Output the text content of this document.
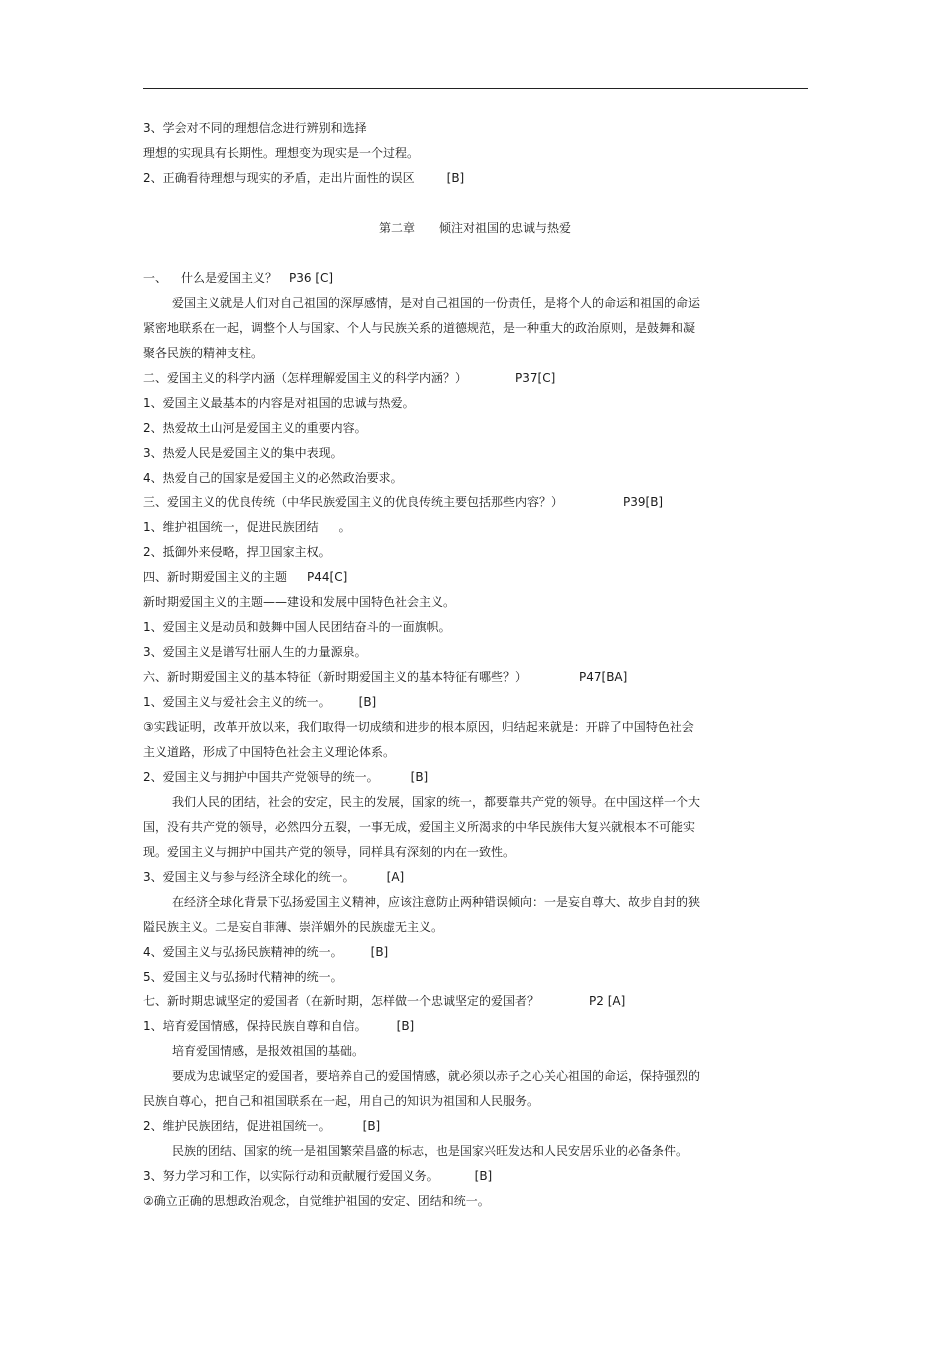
3、学会对不同的理想信念进行辨别和选择
理想的实现具有长期性。理想变为现实是一个过程。
2、正确看待理想与现实的矛盾，走出片面性的误区	[B]
第二章 倾注对祖国的忠诚与热爱
一、 什么是爱国主义？ P36 [C]
爱国主义就是人们对自己祖国的深厚感情，是对自己祖国的一份责任，是将个人的命运和祖国的命运
紧密地联系在一起，调整个人与国家、个人与民族关系的道德规范，是一种重大的政治原则，是鼓舞和凝
聚各民族的精神支柱。
二、爱国主义的科学内涵（怎样理解爱国主义的科学内涵？）	P37[C]
1、爱国主义最基本的内容是对祖国的忠诚与热爱。
2、热爱故土山河是爱国主义的重要内容。
3、热爱人民是爱国主义的集中表现。
4、热爱自己的国家是爱国主义的必然政治要求。
三、爱国主义的优良传统（中华民族爱国主义的优良传统主要包括那些内容？）	P39[B]
1、维护祖国统一，促进民族团结 。
2、抵御外来侵略，捍卫国家主权。
四、新时期爱国主义的主题 P44[C]
新时期爱国主义的主题——建设和发展中国特色社会主义。
1、爱国主义是动员和鼓舞中国人民团结奋斗的一面旗帜。
3、爱国主义是谱写壮丽人生的力量源泉。
六、新时期爱国主义的基本特征（新时期爱国主义的基本特征有哪些？）	P47[BA]
1、爱国主义与爱社会主义的统一。 [B]
③实践证明，改革开放以来，我们取得一切成绩和进步的根本原因，归结起来就是：开辟了中国特色社会
主义道路，形成了中国特色社会主义理论体系。
2、爱国主义与拥护中国共产党领导的统一。	[B]
我们人民的团结，社会的安定，民主的发展，国家的统一，都要靠共产党的领导。在中国这样一个大
国，没有共产党的领导，必然四分五裂，一事无成，爱国主义所渴求的中华民族伟大复兴就根本不可能实
现。爱国主义与拥护中国共产党的领导，同样具有深刻的内在一致性。
3、爱国主义与参与经济全球化的统一。	[A]
在经济全球化背景下弘扬爱国主义精神，应该注意防止两种错误倾向：一是妄自尊大、故步自封的狭
隘民族主义。二是妄自菲薄、崇洋媚外的民族虚无主义。
4、爱国主义与弘扬民族精神的统一。 [B]
5、爱国主义与弘扬时代精神的统一。
七、新时期忠诚坚定的爱国者（在新时期，怎样做一个忠诚坚定的爱国者？	P2 [A]
1、培育爱国情感，保持民族自尊和自信。	[B]
培育爱国情感，是报效祖国的基础。
要成为忠诚坚定的爱国者，要培养自己的爱国情感，就必须以赤子之心关心祖国的命运，保持强烈的
民族自尊心，把自己和祖国联系在一起，用自己的知识为祖国和人民服务。
2、维护民族团结，促进祖国统一。	[B]
民族的团结、国家的统一是祖国繁荣昌盛的标志，也是国家兴旺发达和人民安居乐业的必备条件。
3、努力学习和工作，以实际行动和贡献履行爱国义务。	[B]
②确立正确的思想政治观念，自觉维护祖国的安定、团结和统一。
